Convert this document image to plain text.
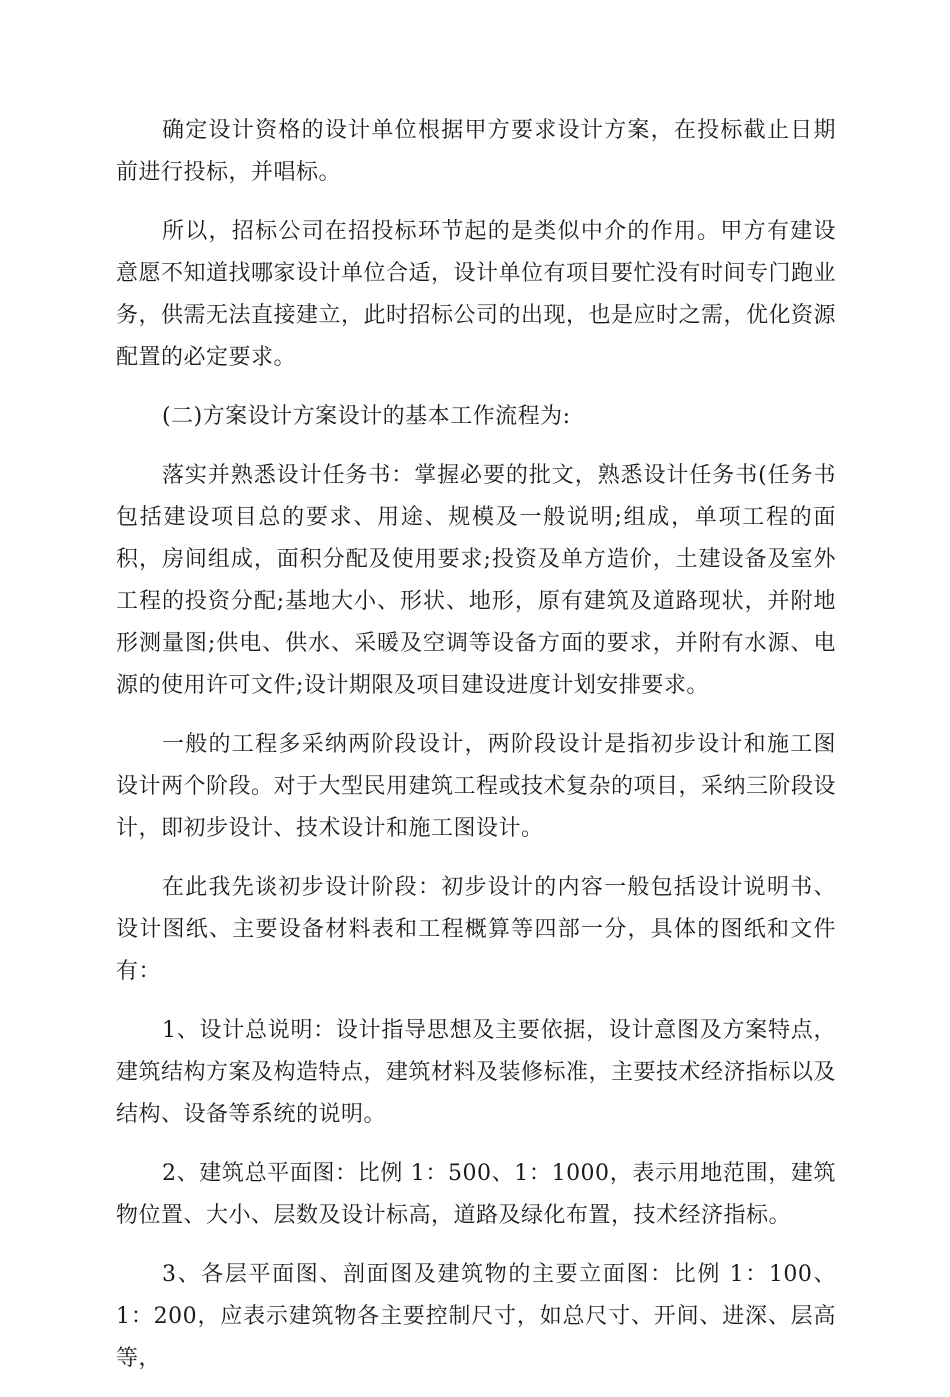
确定设计资格的设计单位根据甲方要求设计方案，在投标截止日期前进行投标，并唱标。

所以，招标公司在招投标环节起的是类似中介的作用。甲方有建设意愿不知道找哪家设计单位合适，设计单位有项目要忙没有时间专门跑业务，供需无法直接建立，此时招标公司的出现，也是应时之需，优化资源配置的必定要求。

(二)方案设计方案设计的基本工作流程为:

落实并熟悉设计任务书：掌握必要的批文，熟悉设计任务书(任务书包括建设项目总的要求、用途、规模及一般说明;组成，单项工程的面积，房间组成，面积分配及使用要求;投资及单方造价，土建设备及室外工程的投资分配;基地大小、形状、地形，原有建筑及道路现状，并附地形测量图;供电、供水、采暖及空调等设备方面的要求，并附有水源、电源的使用许可文件;设计期限及项目建设进度计划安排要求。

一般的工程多采纳两阶段设计，两阶段设计是指初步设计和施工图设计两个阶段。对于大型民用建筑工程或技术复杂的项目，采纳三阶段设计，即初步设计、技术设计和施工图设计。

在此我先谈初步设计阶段：初步设计的内容一般包括设计说明书、设计图纸、主要设备材料表和工程概算等四部一分，具体的图纸和文件有：

1、设计总说明：设计指导思想及主要依据，设计意图及方案特点，建筑结构方案及构造特点，建筑材料及装修标准，主要技术经济指标以及结构、设备等系统的说明。

2、建筑总平面图：比例 1：500、1：1000，表示用地范围，建筑物位置、大小、层数及设计标高，道路及绿化布置，技术经济指标。

3、各层平面图、剖面图及建筑物的主要立面图：比例 1：100、1：200，应表示建筑物各主要控制尺寸，如总尺寸、开间、进深、层高等，
